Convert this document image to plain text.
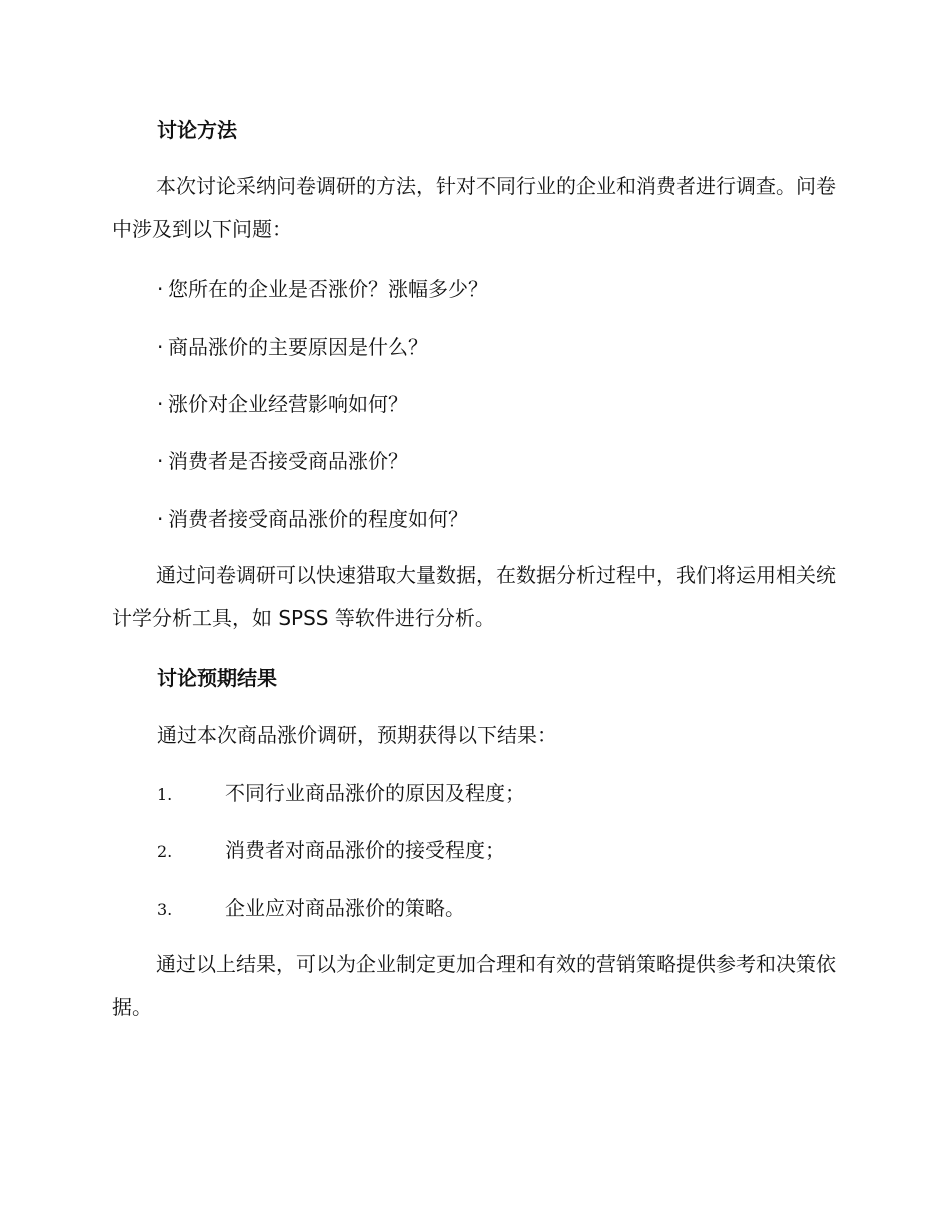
讨论方法

本次讨论采纳问卷调研的方法，针对不同行业的企业和消费者进行调查。问卷中涉及到以下问题：

· 您所在的企业是否涨价？涨幅多少？
· 商品涨价的主要原因是什么？
· 涨价对企业经营影响如何？
· 消费者是否接受商品涨价？
· 消费者接受商品涨价的程度如何？

通过问卷调研可以快速猎取大量数据，在数据分析过程中，我们将运用相关统计学分析工具，如 SPSS 等软件进行分析。

讨论预期结果
通过本次商品涨价调研，预期获得以下结果：
1.	不同行业商品涨价的原因及程度；
2.	消费者对商品涨价的接受程度；
3.	企业应对商品涨价的策略。

通过以上结果，可以为企业制定更加合理和有效的营销策略提供参考和决策依据。
